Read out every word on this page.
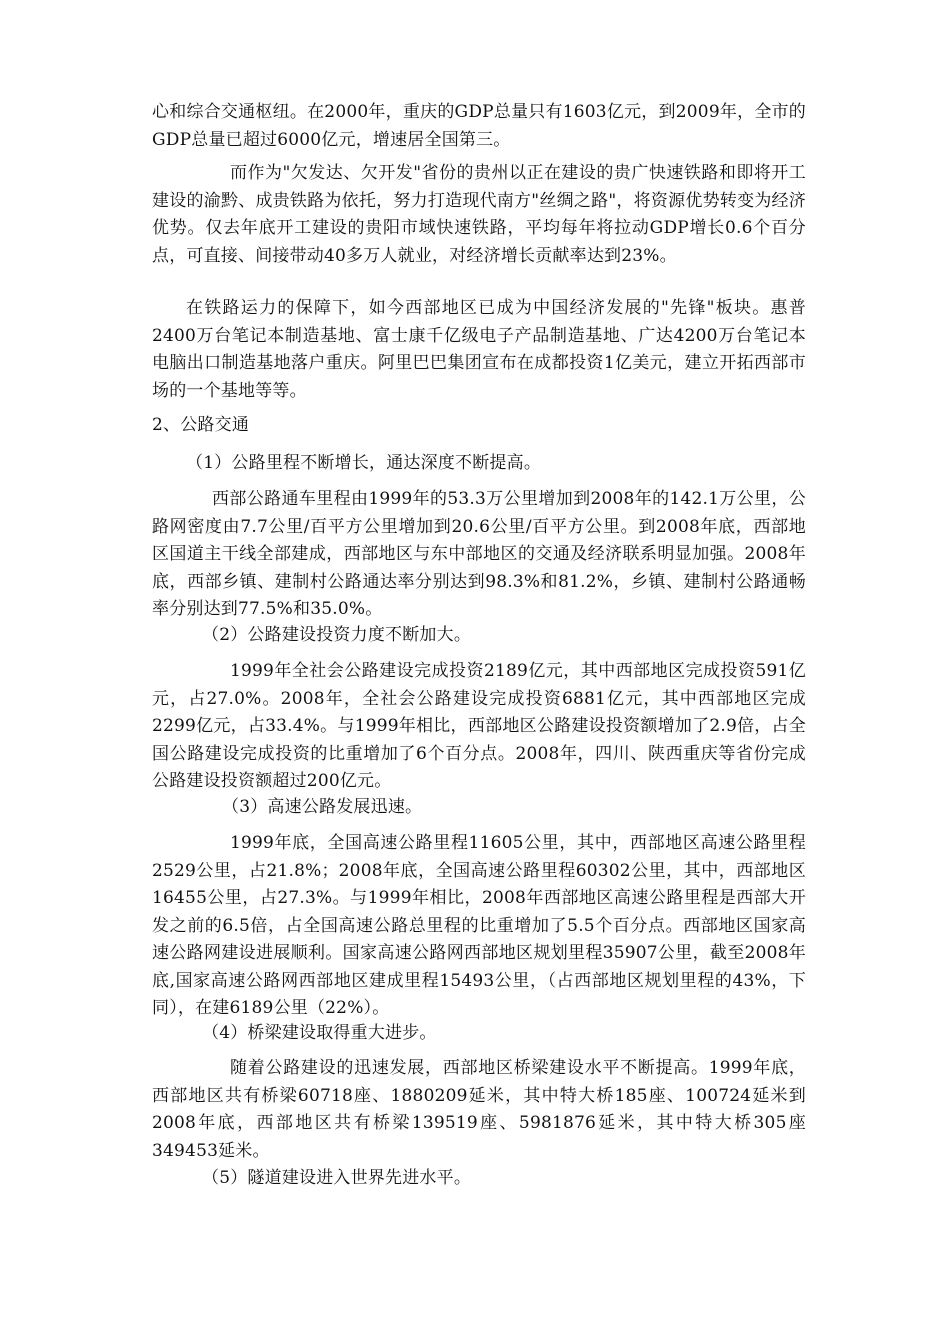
心和综合交通枢纽。在2000年，重庆的GDP总量只有1603亿元，到2009年，全市的GDP总量已超过6000亿元，增速居全国第三。

而作为"欠发达、欠开发"省份的贵州以正在建设的贵广快速铁路和即将开工建设的渝黔、成贵铁路为依托，努力打造现代南方"丝绸之路"，将资源优势转变为经济优势。仅去年底开工建设的贵阳市域快速铁路，平均每年将拉动GDP增长0.6个百分点，可直接、间接带动40多万人就业，对经济增长贡献率达到23%。

在铁路运力的保障下，如今西部地区已成为中国经济发展的"先锋"板块。惠普2400万台笔记本制造基地、富士康千亿级电子产品制造基地、广达4200万台笔记本电脑出口制造基地落户重庆。阿里巴巴集团宣布在成都投资1亿美元，建立开拓西部市场的一个基地等等。

2、公路交通

（1）公路里程不断增长，通达深度不断提高。

西部公路通车里程由1999年的53.3万公里增加到2008年的142.1万公里，公路网密度由7.7公里/百平方公里增加到20.6公里/百平方公里。到2008年底，西部地区国道主干线全部建成，西部地区与东中部地区的交通及经济联系明显加强。2008年底，西部乡镇、建制村公路通达率分别达到98.3%和81.2%，乡镇、建制村公路通畅率分别达到77.5%和35.0%。

（2）公路建设投资力度不断加大。

1999年全社会公路建设完成投资2189亿元，其中西部地区完成投资591亿元，占27.0%。2008年，全社会公路建设完成投资6881亿元，其中西部地区完成2299亿元，占33.4%。与1999年相比，西部地区公路建设投资额增加了2.9倍，占全国公路建设完成投资的比重增加了6个百分点。2008年，四川、陕西重庆等省份完成公路建设投资额超过200亿元。

（3）高速公路发展迅速。

1999年底，全国高速公路里程11605公里，其中，西部地区高速公路里程2529公里，占21.8%；2008年底，全国高速公路里程60302公里，其中，西部地区16455公里，占27.3%。与1999年相比，2008年西部地区高速公路里程是西部大开发之前的6.5倍，占全国高速公路总里程的比重增加了5.5个百分点。西部地区国家高速公路网建设进展顺利。国家高速公路网西部地区规划里程35907公里，截至2008年底,国家高速公路网西部地区建成里程15493公里，（占西部地区规划里程的43%，下同），在建6189公里（22%）。

（4）桥梁建设取得重大进步。

随着公路建设的迅速发展，西部地区桥梁建设水平不断提高。1999年底，西部地区共有桥梁60718座、1880209延米，其中特大桥185座、100724延米到2008年底，西部地区共有桥梁139519座、5981876延米，其中特大桥305座349453延米。

（5）隧道建设进入世界先进水平。
